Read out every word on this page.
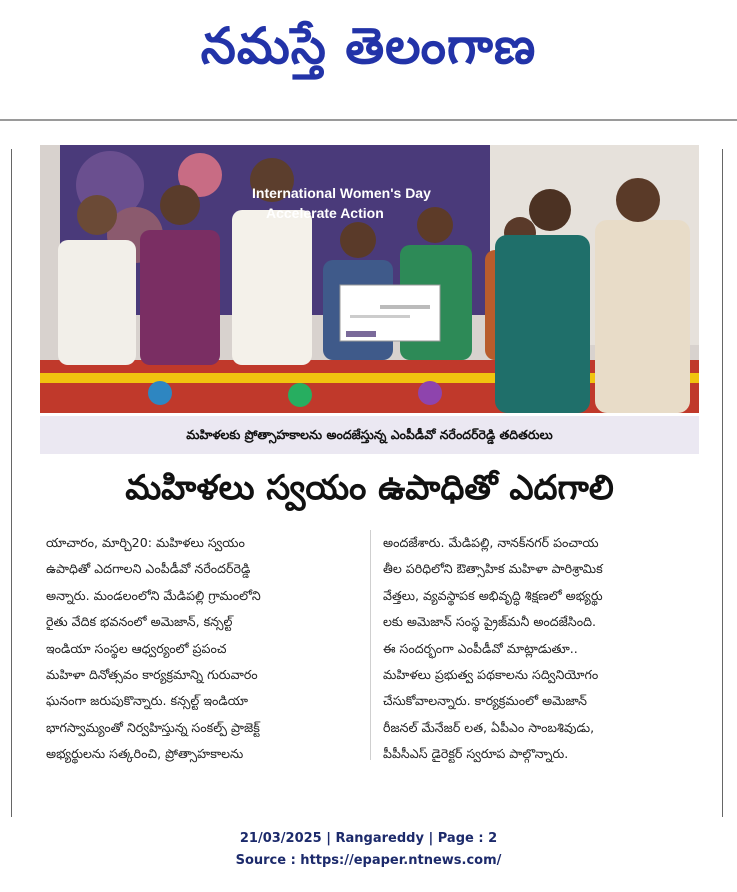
నమస్తే తెలంగాణ
International Women's Day
Accelerate Action
మహిళలకు ప్రోత్సాహకాలను అందజేస్తున్న ఎంపీడీవో నరేందర్‌రెడ్డి తదితరులు
మహిళలు స్వయం ఉపాధితో ఎదగాలి

యాచారం, మార్చి20: మహిళలు స్వయం

ఉపాధితో ఎదగాలని ఎంపీడీవో నరేందర్‌రెడ్డి

అన్నారు. మండలంలోని మేడిపల్లి గ్రామంలోని

రైతు వేదిక భవనంలో అమెజాన్, కన్సల్ట్

ఇండియా సంస్థల ఆధ్వర్యంలో ప్రపంచ

మహిళా దినోత్సవం కార్యక్రమాన్ని గురువారం

ఘనంగా జరుపుకొన్నారు. కన్సల్ట్ ఇండియా

భాగస్వామ్యంతో నిర్వహిస్తున్న సంకల్ప్ ప్రాజెక్ట్

అభ్యర్థులను సత్కరించి, ప్రోత్సాహకాలను

అందజేశారు. మేడిపల్లి, నానక్‌నగర్ పంచాయ

తీల పరిధిలోని ఔత్సాహిక మహిళా పారిశ్రామిక

వేత్తలు, వ్యవస్థాపక అభివృద్ధి శిక్షణలో అభ్యర్థు

లకు అమెజాన్ సంస్థ ప్రైజ్‌మనీ అందజేసింది.

ఈ సందర్భంగా ఎంపీడీవో మాట్లాడుతూ..

మహిళలు ప్రభుత్వ పథకాలను సద్వినియోగం

చేసుకోవాలన్నారు. కార్యక్రమంలో అమెజాన్

రీజనల్ మేనేజర్ లత, ఏపీఎం సాంబశివుడు,

పీపీసీఎస్ డైరెక్టర్ స్వరూప పాల్గొన్నారు.

21/03/2025 | Rangareddy | Page : 2
Source : https://epaper.ntnews.com/
